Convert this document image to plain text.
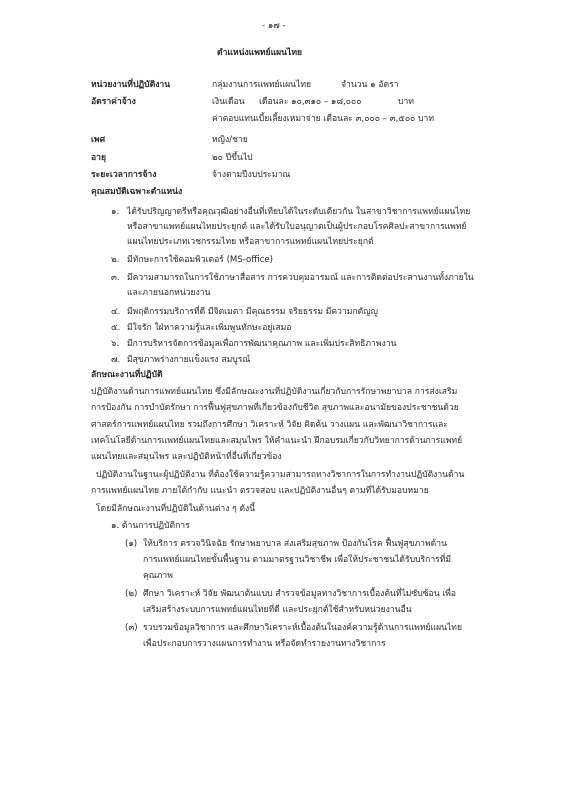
- ๑๗ -
ตำแหน่งแพทย์แผนไทย
หน่วยงานที่ปฏิบัติงาน	กลุ่มงานการแพทย์แผนไทย	จำนวน ๑ อัตรา
อัตราค่าจ้าง	เงินเดือน เดือนละ ๑๐,๓๑๐ – ๑๘,๐๐๐	บาท
ค่าตอบแทนเบี้ยเลี้ยงเหมาจ่าย เดือนละ ๓,๐๐๐ – ๓,๕๐๐ บาท
เพศ	หญิง/ชาย
อายุ	๒๐ ปีขึ้นไป
ระยะเวลาการจ้าง	จ้างตามปีงบประมาณ
คุณสมบัติเฉพาะตำแหน่ง
๑. ได้รับปริญญาตรีหรือคุณวุฒิอย่างอื่นที่เทียบได้ในระดับเดียวกัน ในสาขาวิชาการแพทย์แผนไทย
หรือสาขาแพทย์แผนไทยประยุกต์ และได้รับใบอนุญาตเป็นผู้ประกอบโรคศิลปะสาขาการแพทย์
แผนไทยประเภทเวชกรรมไทย หรือสาขาการแพทย์แผนไทยประยุกต์
๒. มีทักษะการใช้คอมพิวเตอร์ (MS-office)
๓. มีความสามารถในการใช้ภาษาสื่อสาร การควบคุมอารมณ์ และการติดต่อประสานงานทั้งภายใน
และภายนอกหน่วยงาน
๔. มีพฤติกรรมบริการที่ดี มีจิตเมตา มีคุณธรรม จริยธรรม มีความกตัญญู
๕. มีใจรัก ใฝ่หาความรู้และเพิ่มพูนทักษะอยู่เสมอ
๖. มีการบริหารจัดการข้อมูลเพื่อการพัฒนาคุณภาพ และเพิ่มประสิทธิภาพงาน
๗. มีสุขภาพร่างกายแข็งแรง สมบูรณ์
ลักษณะงานที่ปฏิบัติ
ปฏิบัติงานด้านการแพทย์แผนไทย ซึ่งมีลักษณะงานที่ปฏิบัติงานเกี่ยวกับการรักษาพยาบาล การส่งเสริม
การป้องกัน การบำบัดรักษา การฟื้นฟูสุขภาพที่เกี่ยวข้องกับชีวิต สุขภาพและอนามัยของประชาชนด้วย
ศาสตร์การแพทย์แผนไทย รวมถึงการศึกษา วิเคราะห์ วิจัย คิดค้น วางแผน และพัฒนาวิชาการและ
เทคโนโลยีด้านการแพทย์แผนไทยและสมุนไพร ให้คำแนะนำ ฝึกอบรมเกี่ยวกับวิทยาการด้านการแพทย์
แผนไทยและสมุนไพร และปฏิบัติหน้าที่อื่นที่เกี่ยวข้อง
ปฏิบัติงานในฐานะผู้ปฏิบัติงาน ที่ต้องใช้ความรู้ความสามารถทางวิชาการในการทำงานปฏิบัติงานด้าน
การแพทย์แผนไทย ภายใต้กำกับ แนะนำ ตรวจสอบ และปฏิบัติงานอื่นๆ ตามที่ได้รับมอบหมาย
โดยมีลักษณะงานที่ปฏิบัติในด้านต่าง ๆ ดังนี้
๑. ด้านการปฏิบัติการ
(๑) ให้บริการ ตรวจวินิจฉัย รักษาพยาบาล ส่งเสริมสุขภาพ ป้องกันโรค ฟื้นฟูสุขภาพด้าน
การแพทย์แผนไทยขั้นพื้นฐาน ตามมาตรฐานวิชาชีพ เพื่อให้ประชาชนได้รับบริการที่มี
คุณภาพ
(๒) ศึกษา วิเคราะห์ วิจัย พัฒนาต้นแบบ สำรวจข้อมูลทางวิชาการเบื้องต้นที่ไม่ซับซ้อน เพื่อ
เสริมสร้างระบบการแพทย์แผนไทยที่ดี และประยุกต์ใช้สำหรับหน่วยงานอื่น
(๓) รวบรวมข้อมูลวิชาการ และศึกษาวิเคราะห์เบื้องต้นในองค์ความรู้ด้านการแพทย์แผนไทย
เพื่อประกอบการวางแผนการทำงาน หรือจัดทำรายงานทางวิชาการ
